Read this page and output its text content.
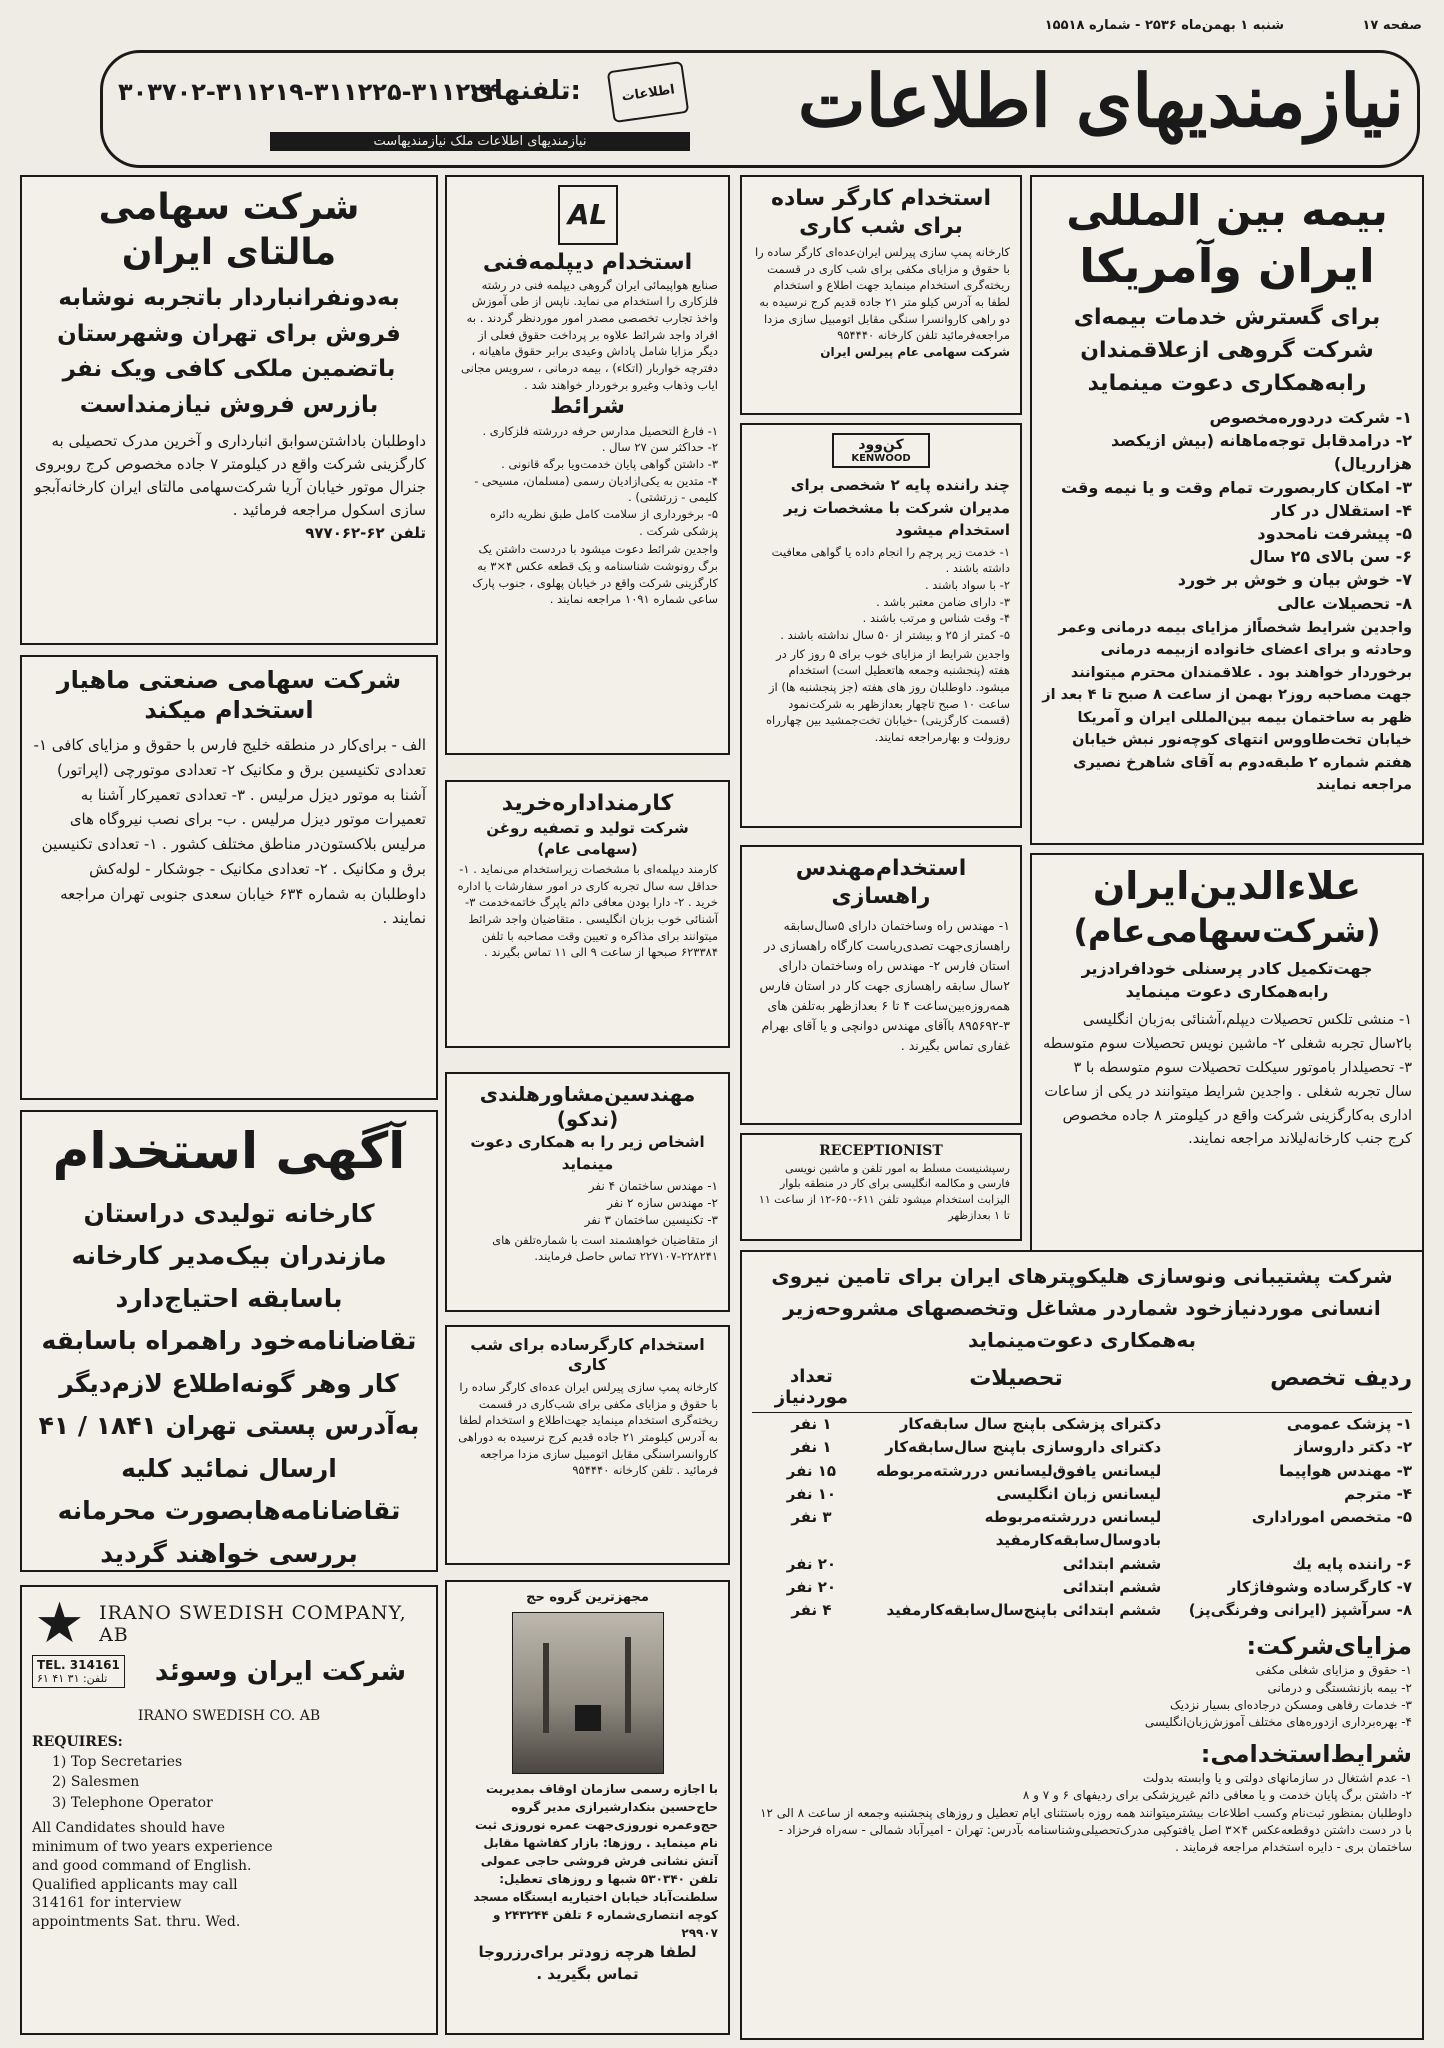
صفحه ۱۷
شنبه ۱ بهمن‌ماه ۲۵۳۶ - شماره ۱۵۵۱۸
نیازمندیهای اطلاعات
اطلاعات
تلفنهای:
۳۰۳۷۰۲-۳۱۱۲۱۹-۳۱۱۲۲۵-۳۱۱۲۲۴
نیازمندیهای اطلاعات ملک نیازمندیهاست
بیمه بین المللی
ایران وآمریکا
برای گسترش خدمات بیمه‌ای شرکت گروهی ازعلاقمندان رابه‌همکاری دعوت مینماید
۱- شرکت دردوره‌مخصوص
۲- درامدقابل توجه‌ماهانه (بیش ازیکصد هزارریال)
۳- امکان کاربصورت تمام وقت و یا نیمه وقت
۴- استقلال در کار
۵- پیشرفت نامحدود
۶- سن بالای ۲۵ سال
۷- خوش بیان و خوش بر خورد
۸- تحصیلات عالی
واجدین شرایط شخصاًاز مزایای بیمه درمانی وعمر وحادثه و برای اعضای خانواده ازبیمه درمانی برخوردار خواهند بود . علاقمندان محترم میتوانند جهت مصاحبه روز۲ بهمن از ساعت ۸ صبح تا ۴ بعد از ظهر به ساختمان بیمه بین‌المللی ایران و آمریکا خیابان تخت‌طاووس انتهای کوچه‌نور نبش خیابان هفتم شماره ۲ طبقه‌دوم به آقای شاهرخ نصیری مراجعه نمایند
علاءالدین‌ایران
(شرکت‌سهامی‌عام)
جهت‌تکمیل کادر پرسنلی خودافرادزیر رابه‌همکاری دعوت مینماید
۱- منشی تلکس تحصیلات دیپلم،آشنائی به‌زبان انگلیسی با۲سال تجربه شغلی ۲- ماشین نویس تحصیلات سوم متوسطه ۳- تحصیلدار باموتور سیکلت تحصیلات سوم متوسطه با ۳ سال تجربه شغلی . واجدین شرایط میتوانند در یکی از ساعات اداری به‌کارگزینی شرکت واقع در کیلومتر ۸ جاده مخصوص کرج جنب کارخانه‌لیلاند مراجعه نمایند.
استخدام کارگر ساده برای شب کاری
کارخانه پمپ سازی پیرلس ایران‌عده‌ای کارگر ساده را با حقوق و مزایای مکفی برای شب کاری در قسمت ریخته‌گری استخدام مینماید جهت اطلاع و استخدام لطفا به آدرس کیلو متر ۲۱ جاده قدیم کرج نرسیده به دو راهی کاروانسرا سنگی مقابل اتومبیل سازی مزدا مراجعه‌فرمائید تلفن کارخانه ۹۵۴۴۴۰
شرکت سهامی عام پیرلس ایران
کن‌وود
KENWOOD
چند راننده پایه ۲ شخصی برای مدیران شرکت با مشخصات زیر استخدام میشود
۱- خدمت زیر پرچم را انجام داده یا گواهی معافیت داشته باشند .
۲- با سواد باشند .
۳- دارای ضامن معتبر باشد .
۴- وقت شناس و مرتب باشند .
۵- کمتر از ۲۵ و بیشتر از ۵۰ سال نداشته باشند .
واجدین شرایط از مزایای خوب برای ۵ روز کار در هفته (پنجشنبه وجمعه هاتعطیل است) استخدام میشود. داوطلبان روز های هفته (جز پنجشنبه ها) از ساعت ۱۰ صبح تاچهار بعدازظهر به شرکت‌نمود (قسمت کارگزینی) -خیابان تخت‌جمشید بین چهارراه روزولت و بهارمراجعه نمایند.
استخدام‌مهندس
راهسازی
۱- مهندس راه وساختمان دارای ۵سال‌سابقه راهسازی‌جهت تصدی‌ریاست کارگاه راهسازی در استان فارس ۲- مهندس راه وساختمان دارای ۲سال سابقه راهسازی جهت کار در استان فارس همه‌روزه‌بین‌ساعت ۴ تا ۶ بعدازظهر به‌تلفن های ۳-۸۹۵۶۹۲ باآقای مهندس دوانچی و یا آقای بهرام غفاری تماس بگیرند .
RECEPTIONIST
رسپشنیست مسلط به امور تلفن و ماشین نویسی فارسی و مکالمه انگلیسی برای کار در منطقه بلوار الیزابت استخدام میشود تلفن ۶۱۱-۶۵۰-۱۲ از ساعت ۱۱ تا ۱ بعدازظهر
شرکت پشتیبانی ونوسازی هلیکوپترهای ایران برای تامین نیروی انسانی موردنیازخود شماردر مشاغل وتخصصهای مشروحه‌زیر به‌همکاری دعوت‌مینماید
ردیف تخصص
تحصیلات
تعداد موردنیاز
۱- پزشک عمومی
دکترای پزشکی باپنج سال سابقه‌کار
۱ نفر
۲- دکتر داروساز
دکترای داروسازی باپنج سال‌سابقه‌کار
۱ نفر
۳- مهندس هواپیما
لیسانس یافوق‌لیسانس دررشته‌مربوطه
۱۵ نفر
۴- مترجم
لیسانس زبان انگلیسی
۱۰ نفر
۵- متخصص اموراداری
لیسانس دررشته‌مربوطه بادوسال‌سابقه‌کارمفید
۳ نفر
۶- راننده پایه یك
ششم ابتدائی
۲۰ نفر
۷- کارگر‌ساده وشوفاژکار
ششم ابتدائی
۲۰ نفر
۸- سرآشپز (ایرانی وفرنگی‌پز)
ششم ابتدائی باپنج‌سال‌سابقه‌کارمفید
۴ نفر
مزایای‌شرکت:
۱- حقوق و مزایای شغلی مکفی
۲- بیمه بازنشستگی و درمانی
۳- خدمات رفاهی ومسکن درجاده‌ای بسیار نزدیک
۴- بهره‌برداری ازدوره‌های مختلف آموزش‌زبان‌انگلیسی
شرایط‌استخدامی:
۱- عدم اشتغال در سازمانهای دولتی و یا وابسته بدولت
۲- داشتن برگ پایان خدمت و یا معافی دائم غیرپزشکی برای ردیفهای ۶ و ۷ و ۸
داوطلبان بمنظور ثبت‌نام وکسب اطلاعات بیشترمیتوانند همه روزه باستثنای ایام تعطیل و روزهای پنجشنبه وجمعه از ساعت ۸ الی ۱۲ با در دست داشتن دوقطعه‌عکس ۴×۳ اصل یافتوکپی مدرک‌تحصیلی‌وشناسنامه بآدرس: تهران - امیرآباد شمالی - سه‌راه فرحزاد - ساختمان بری - دایره استخدام مراجعه فرمایند .
AL
استخدام دیپلمه‌فنی
صنایع هواپیمائی ایران گروهی دیپلمه فنی در رشته فلزکاری را استخدام می نماید. ناپس از طی آموزش واخذ تجارب تخصصی مصدر امور موردنظر گردند . به افراد واجد شرائط علاوه بر پرداخت حقوق فعلی از دیگر مزایا شامل پاداش وعیدی برابر حقوق ماهیانه ، دفترچه خواربار (اتکاء) ، بیمه درمانی ، سرویس مجانی ایاب وذهاب وغیرو برخوردار خواهند شد .
شرائط
۱- فارغ التحصیل مدارس حرفه دررشته فلزکاری .
۲- حداکثر سن ۲۷ سال .
۳- داشتن گواهی پایان خدمت‌ویا برگه قانونی .
۴- متدین به یکی‌ازادیان رسمی (مسلمان، مسیحی - کلیمی - زرتشتی) .
۵- برخورداری از سلامت کامل طبق نظریه دائره پزشکی شرکت .
واجدین شرائط دعوت میشود با دردست داشتن یک برگ رونوشت شناسنامه و یک قطعه عکس ۴×۳ به کارگزینی شرکت واقع در خیابان پهلوی ، جنوب پارک ساعی شماره ۱۰۹۱ مراجعه نمایند .
کارمنداداره‌خرید
شرکت تولید و تصفیه روغن (سهامی عام)
کارمند دیپلمه‌ای با مشخصات زیراستخدام می‌نماید . ۱- حداقل سه سال تجربه کاری در امور سفارشات یا اداره خرید . ۲- دارا بودن معافی دائم یاپرگ خاتمه‌خدمت ۳- آشنائی خوب بزبان انگلیسی . متقاضیان واجد شرائط میتوانند برای مذاکره و تعیین وقت مصاحبه با تلفن ۶۲۳۳۸۴ صبحها از ساعت ۹ الی ۱۱ تماس بگیرند .
مهندسین‌مشاورهلندی
(ندکو)
اشخاص زیر را به همکاری دعوت مینماید
۱- مهندس ساختمان ۴ نفر
۲- مهندس سازه ۲ نفر
۳- تکنیسین ساختمان ۳ نفر
از متقاضیان خواهشمند است با شماره‌تلفن های ۲۲۸۲۴۱-۲۲۷۱۰۷ تماس حاصل فرمایند.
استخدام کارگر‌ساده برای شب کاری
کارخانه پمپ سازی پیرلس ایران عده‌ای کارگر ساده را با حقوق و مزایای مکفی برای شب‌کاری در قسمت ریخته‌گری استخدام مینماید جهت‌اطلاع و استخدام لطفا به آدرس کیلومتر ۲۱ جاده قدیم کرج نرسیده به دوراهی کاروانسراسنگی مقابل اتومبیل سازی مزدا مراجعه فرمائید . تلفن کارخانه ۹۵۴۴۴۰
مجهزترین گروه حج
با اجازه رسمی سازمان اوقاف بمدیریت حاج‌حسین بنکدارشیرازی مدیر گروه حج‌وعمره نوروزی‌جهت عمره نوروزی ثبت نام مینماید . روزها: بازار کفاشها مقابل آتش نشانی فرش فروشی حاجی عمولی تلفن ۵۳۰۳۴۰ شبها و روزهای تعطیل: سلطنت‌آباد خیابان اختیاریه ایستگاه مسجد کوچه انتصاری‌شماره ۶ تلفن ۲۴۳۲۴۴ و ۲۹۹۰۷
لطفا هرچه زودتر برای‌رزروجا تماس بگیرید .
شرکت سهامی
مالتای ایران
به‌دونفرانباردار باتجربه نوشابه فروش برای تهران وشهرستان باتضمین ملکی کافی ویک نفر بازرس فروش نیازمنداست
داوطلبان باداشتن‌سوابق انبارداری و آخرین مدرک تحصیلی به کارگزینی شرکت واقع در کیلومتر ۷ جاده مخصوص کرج روبروی جنرال موتور خیابان آریا شرکت‌سهامی مالتای ایران کارخانه‌آبجو سازی اسکول مراجعه فرمائید .
تلفن ۶۲-۹۷۷۰۶۲
شرکت سهامی صنعتی ماهیار
استخدام میکند
الف - برای‌کار در منطقه خلیج فارس با حقوق و مزایای کافی ۱- تعدادی تکنیسین برق و مکانیک ۲- تعدادی موتورچی (اپراتور) آشنا به موتور دیزل مرلیس . ۳- تعدادی تعمیرکار آشنا به تعمیرات موتور دیزل مرلیس . ب- برای نصب نیروگاه های مرلیس بلاکستون‌در مناطق مختلف کشور . ۱- تعدادی تکنیسین برق و مکانیک . ۲- تعدادی مکانیک - جوشکار - لوله‌کش داوطلبان به شماره ۶۳۴ خیابان سعدی جنوبی تهران مراجعه نمایند .
آگهی استخدام
کارخانه تولیدی دراستان مازندران بیک‌مدیر کارخانه باسابقه احتیاج‌دارد تقاضانامه‌خود راهمراه باسابقه کار وهر گونه‌اطلاع لازم‌دیگر به‌آدرس پستی تهران ۱۸۴۱ / ۴۱ ارسال نمائید کلیه تقاضانامه‌هابصورت محرمانه بررسی خواهند گردید
★ IRANO SWEDISH COMPANY, AB
TEL. 314161
تلفن: ۳۱ ۴۱ ۶۱	شرکت ایران وسوئد
IRANO SWEDISH CO. AB
REQUIRES:
1) Top Secretaries
2) Salesmen
3) Telephone Operator
All Candidates should have minimum of two years experience and good command of English. Qualified applicants may call 314161 for interview appointments Sat. thru. Wed.
